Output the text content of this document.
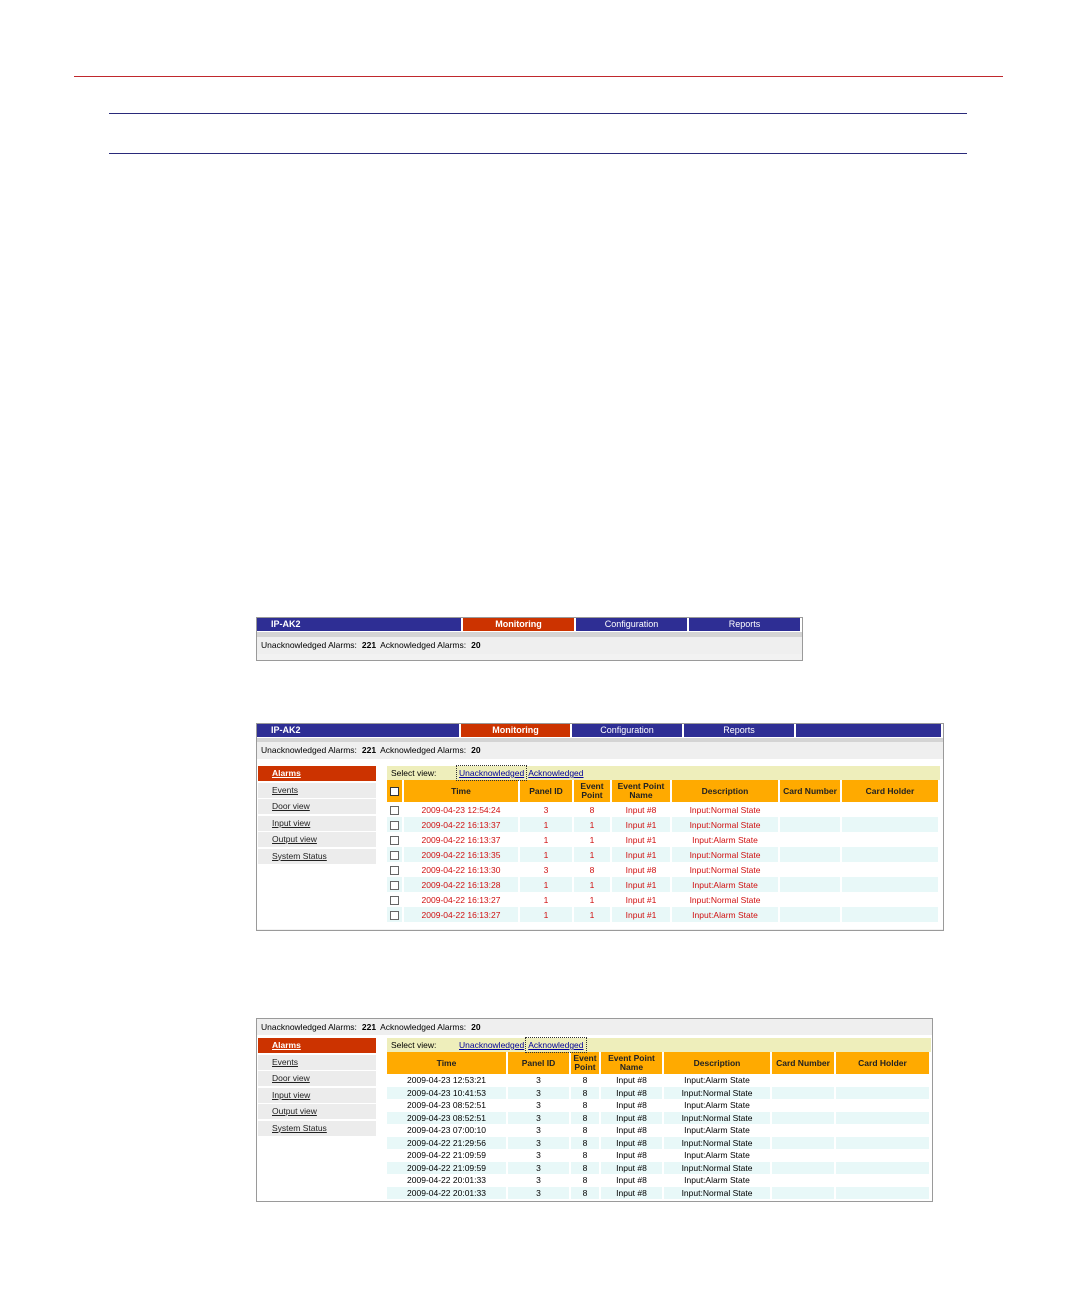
IP-AK2	Monitoring	Configuration	Reports
Unacknowledged Alarms: 221 Acknowledged Alarms: 20
IP-AK2	Monitoring	Configuration	Reports
Unacknowledged Alarms: 221 Acknowledged Alarms: 20
Alarms
Events
Door view
Input view
Output view
System Status
Select view:	Unacknowledged Acknowledged
	Time	Panel ID	Event Point	Event Point Name	Description	Card Number	Card Holder
	2009-04-23 12:54:24	3	8	Input #8	Input:Normal State		
	2009-04-22 16:13:37	1	1	Input #1	Input:Normal State		
	2009-04-22 16:13:37	1	1	Input #1	Input:Alarm State		
	2009-04-22 16:13:35	1	1	Input #1	Input:Normal State		
	2009-04-22 16:13:30	3	8	Input #8	Input:Normal State		
	2009-04-22 16:13:28	1	1	Input #1	Input:Alarm State		
	2009-04-22 16:13:27	1	1	Input #1	Input:Normal State		
	2009-04-22 16:13:27	1	1	Input #1	Input:Alarm State		
Unacknowledged Alarms: 221 Acknowledged Alarms: 20
Alarms
Events
Door view
Input view
Output view
System Status
Select view:	Unacknowledged Acknowledged
Time	Panel ID	Event Point	Event Point Name	Description	Card Number	Card Holder
2009-04-23 12:53:21	3	8	Input #8	Input:Alarm State		
2009-04-23 10:41:53	3	8	Input #8	Input:Normal State		
2009-04-23 08:52:51	3	8	Input #8	Input:Alarm State		
2009-04-23 08:52:51	3	8	Input #8	Input:Normal State		
2009-04-23 07:00:10	3	8	Input #8	Input:Alarm State		
2009-04-22 21:29:56	3	8	Input #8	Input:Normal State		
2009-04-22 21:09:59	3	8	Input #8	Input:Alarm State		
2009-04-22 21:09:59	3	8	Input #8	Input:Normal State		
2009-04-22 20:01:33	3	8	Input #8	Input:Alarm State		
2009-04-22 20:01:33	3	8	Input #8	Input:Normal State		
